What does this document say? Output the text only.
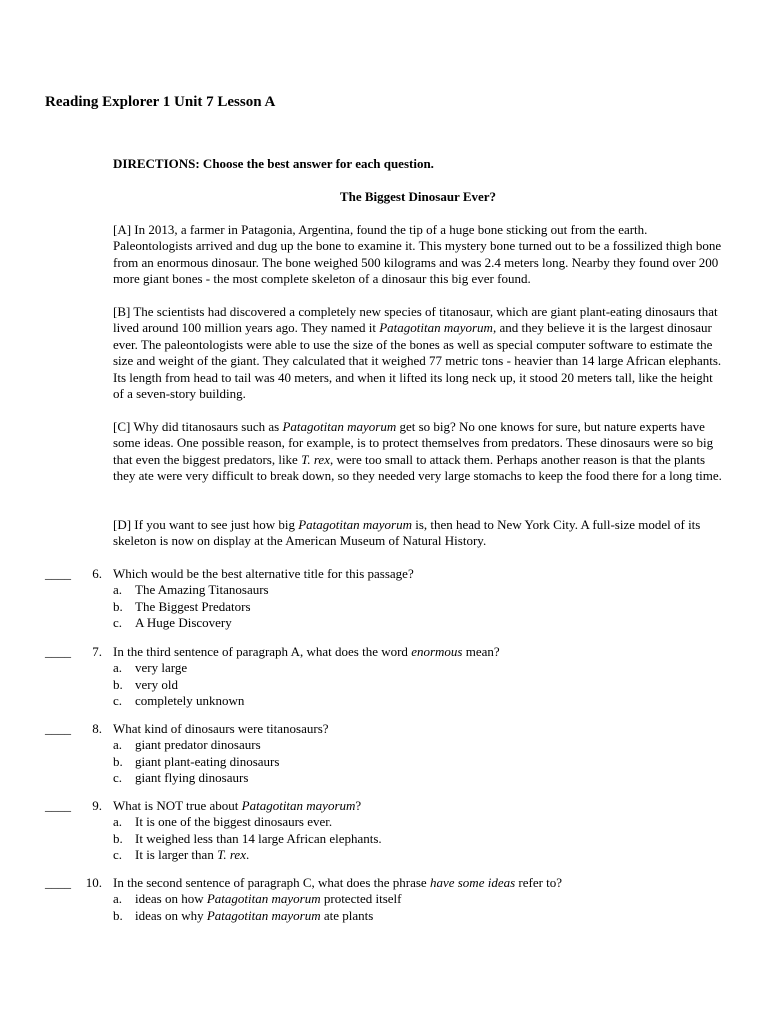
Reading Explorer 1 Unit 7 Lesson A

DIRECTIONS: Choose the best answer for each question.

The Biggest Dinosaur Ever?

[A] In 2013, a farmer in Patagonia, Argentina, found the tip of a huge bone sticking out from the earth. Paleontologists arrived and dug up the bone to examine it. This mystery bone turned out to be a fossilized thigh bone from an enormous dinosaur. The bone weighed 500 kilograms and was 2.4 meters long. Nearby they found over 200 more giant bones - the most complete skeleton of a dinosaur this big ever found.

[B] The scientists had discovered a completely new species of titanosaur, which are giant plant-eating dinosaurs that lived around 100 million years ago. They named it Patagotitan mayorum, and they believe it is the largest dinosaur ever. The paleontologists were able to use the size of the bones as well as special computer software to estimate the size and weight of the giant. They calculated that it weighed 77 metric tons - heavier than 14 large African elephants. Its length from head to tail was 40 meters, and when it lifted its long neck up, it stood 20 meters tall, like the height of a seven-story building.

[C] Why did titanosaurs such as Patagotitan mayorum get so big? No one knows for sure, but nature experts have some ideas. One possible reason, for example, is to protect themselves from predators. These dinosaurs were so big that even the biggest predators, like T. rex, were too small to attack them. Perhaps another reason is that the plants they ate were very difficult to break down, so they needed very large stomachs to keep the food there for a long time.

[D] If you want to see just how big Patagotitan mayorum is, then head to New York City. A full-size model of its skeleton is now on display at the American Museum of Natural History.

____	6. Which would be the best alternative title for this passage?
a. The Amazing Titanosaurs
b. The Biggest Predators
c. A Huge Discovery
____	7. In the third sentence of paragraph A, what does the word enormous mean?
a. very large
b. very old
c. completely unknown
____	8. What kind of dinosaurs were titanosaurs?
a. giant predator dinosaurs
b. giant plant-eating dinosaurs
c. giant flying dinosaurs
____	9. What is NOT true about Patagotitan mayorum?
a. It is one of the biggest dinosaurs ever.
b. It weighed less than 14 large African elephants.
c. It is larger than T. rex.
____	10. In the second sentence of paragraph C, what does the phrase have some ideas refer to?
a. ideas on how Patagotitan mayorum protected itself
b. ideas on why Patagotitan mayorum ate plants
